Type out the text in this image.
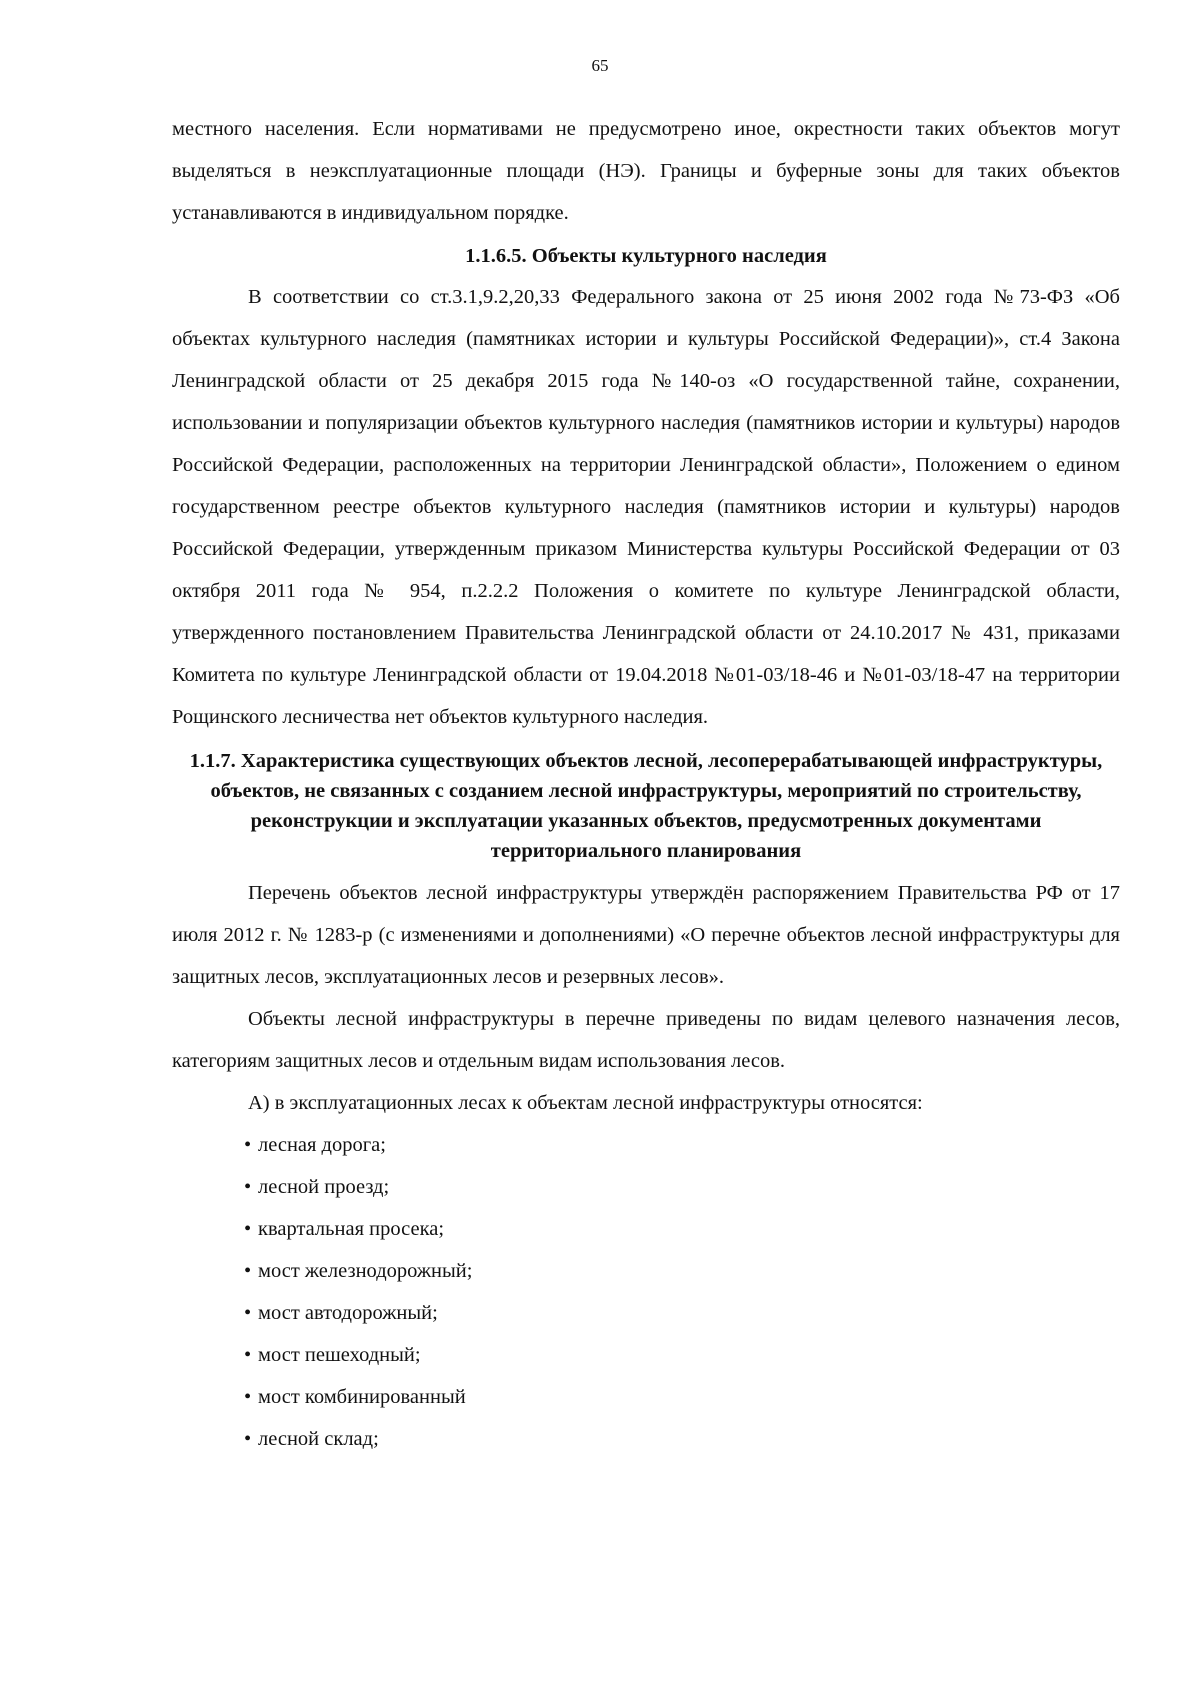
65

местного населения. Если нормативами не предусмотрено иное, окрестности таких объектов могут выделяться в неэксплуатационные площади (НЭ). Границы и буферные зоны для таких объектов устанавливаются в индивидуальном порядке.

1.1.6.5. Объекты культурного наследия

В соответствии со ст.3.1,9.2,20,33 Федерального закона от 25 июня 2002 года №73-ФЗ «Об объектах культурного наследия (памятниках истории и культуры Российской Федерации)», ст.4 Закона Ленинградской области от 25 декабря 2015 года №140-оз «О государственной тайне, сохранении, использовании и популяризации объектов культурного наследия (памятников истории и культуры) народов Российской Федерации, расположенных на территории Ленинградской области», Положением о едином государственном реестре объектов культурного наследия (памятников истории и культуры) народов Российской Федерации, утвержденным приказом Министерства культуры Российской Федерации от 03 октября 2011 года № 954, п.2.2.2 Положения о комитете по культуре Ленинградской области, утвержденного постановлением Правительства Ленинградской области от 24.10.2017 № 431, приказами Комитета по культуре Ленинградской области от 19.04.2018 №01-03/18-46 и №01-03/18-47 на территории Рощинского лесничества нет объектов культурного наследия.

1.1.7. Характеристика существующих объектов лесной, лесоперерабатывающей инфраструктуры, объектов, не связанных с созданием лесной инфраструктуры, мероприятий по строительству, реконструкции и эксплуатации указанных объектов, предусмотренных документами территориального планирования

Перечень объектов лесной инфраструктуры утверждён распоряжением Правительства РФ от 17 июля 2012 г. № 1283-р (с изменениями и дополнениями) «О перечне объектов лесной инфраструктуры для защитных лесов, эксплуатационных лесов и резервных лесов».

Объекты лесной инфраструктуры в перечне приведены по видам целевого назначения лесов, категориям защитных лесов и отдельным видам использования лесов.

А) в эксплуатационных лесах к объектам лесной инфраструктуры относятся:

• лесная дорога;
• лесной проезд;
• квартальная просека;
• мост железнодорожный;
• мост автодорожный;
• мост пешеходный;
• мост комбинированный
• лесной склад;
